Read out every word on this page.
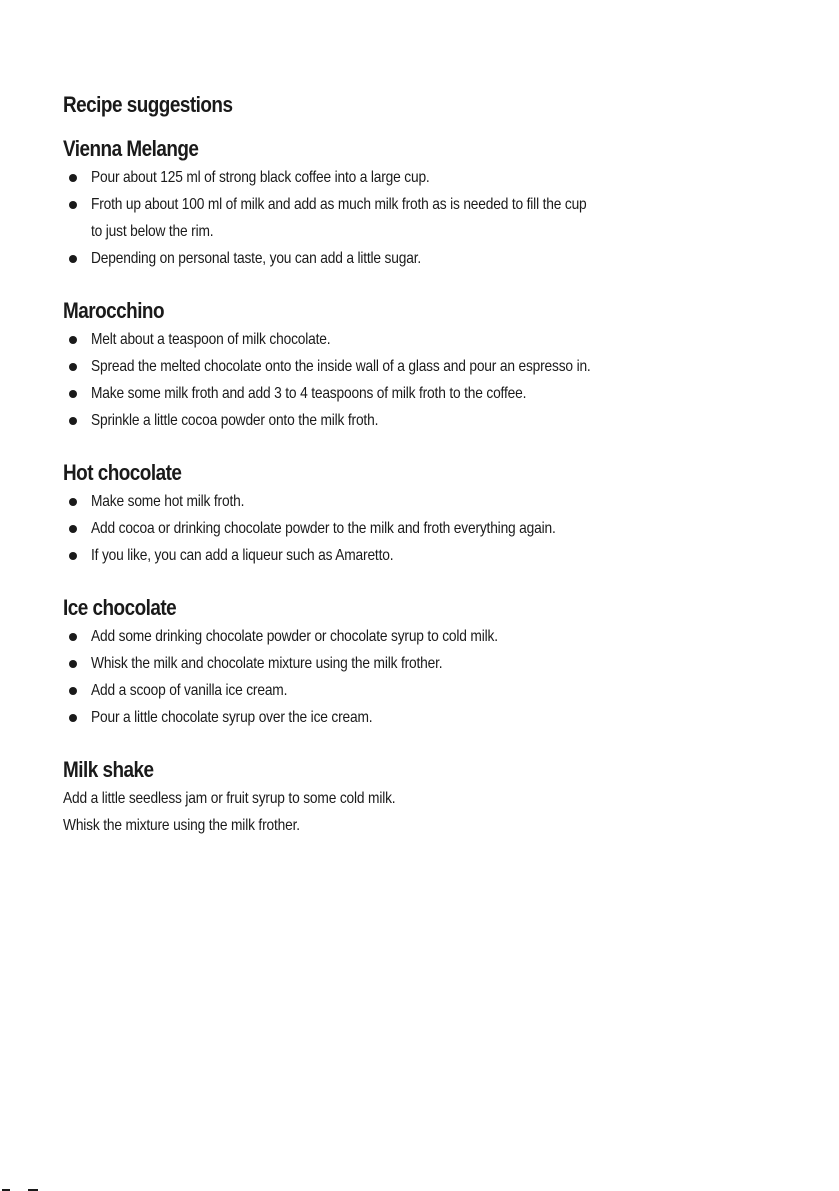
Recipe suggestions
Vienna Melange
Pour about 125 ml of strong black coffee into a large cup.
Froth up about 100 ml of milk and add as much milk froth as is needed to fill the cup
to just below the rim.
Depending on personal taste, you can add a little sugar.
Marocchino
Melt about a teaspoon of milk chocolate.
Spread the melted chocolate onto the inside wall of a glass and pour an espresso in.
Make some milk froth and add 3 to 4 teaspoons of milk froth to the coffee.
Sprinkle a little cocoa powder onto the milk froth.
Hot chocolate
Make some hot milk froth.
Add cocoa or drinking chocolate powder to the milk and froth everything again.
If you like, you can add a liqueur such as Amaretto.
Ice chocolate
Add some drinking chocolate powder or chocolate syrup to cold milk.
Whisk the milk and chocolate mixture using the milk frother.
Add a scoop of vanilla ice cream.
Pour a little chocolate syrup over the ice cream.
Milk shake
Add a little seedless jam or fruit syrup to some cold milk.
Whisk the mixture using the milk frother.
